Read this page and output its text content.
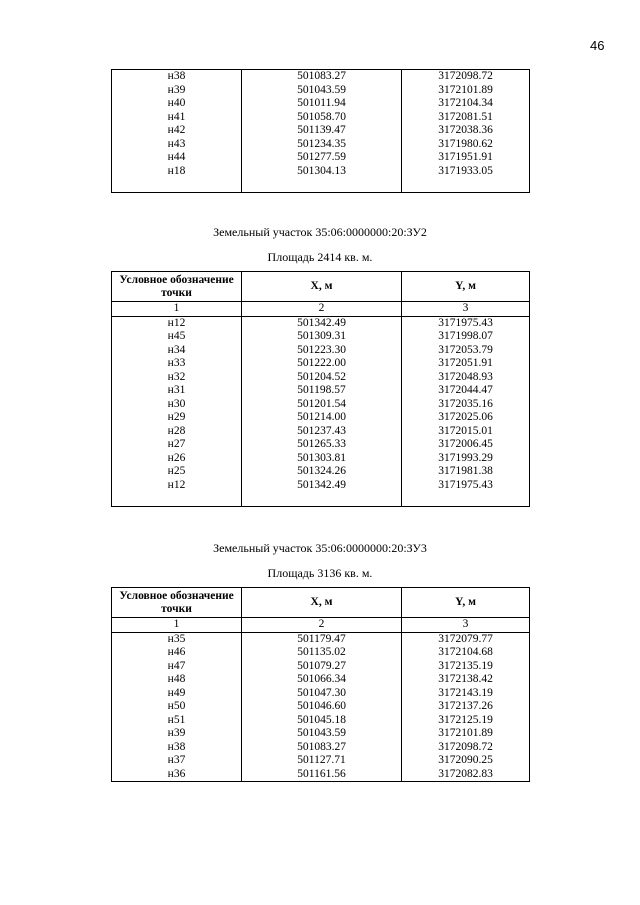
46
н38	501083.27	3172098.72
н39	501043.59	3172101.89
н40	501011.94	3172104.34
н41	501058.70	3172081.51
н42	501139.47	3172038.36
н43	501234.35	3171980.62
н44	501277.59	3171951.91
н18	501304.13	3171933.05

Земельный участок 35:06:0000000:20:ЗУ2
Площадь 2414 кв. м.
Условное обозначение точки	X, м	Y, м
1	2	3
н12	501342.49	3171975.43
н45	501309.31	3171998.07
н34	501223.30	3172053.79
н33	501222.00	3172051.91
н32	501204.52	3172048.93
н31	501198.57	3172044.47
н30	501201.54	3172035.16
н29	501214.00	3172025.06
н28	501237.43	3172015.01
н27	501265.33	3172006.45
н26	501303.81	3171993.29
н25	501324.26	3171981.38
н12	501342.49	3171975.43

Земельный участок 35:06:0000000:20:ЗУ3
Площадь 3136 кв. м.
Условное обозначение точки	X, м	Y, м
1	2	3
н35	501179.47	3172079.77
н46	501135.02	3172104.68
н47	501079.27	3172135.19
н48	501066.34	3172138.42
н49	501047.30	3172143.19
н50	501046.60	3172137.26
н51	501045.18	3172125.19
н39	501043.59	3172101.89
н38	501083.27	3172098.72
н37	501127.71	3172090.25
н36	501161.56	3172082.83
